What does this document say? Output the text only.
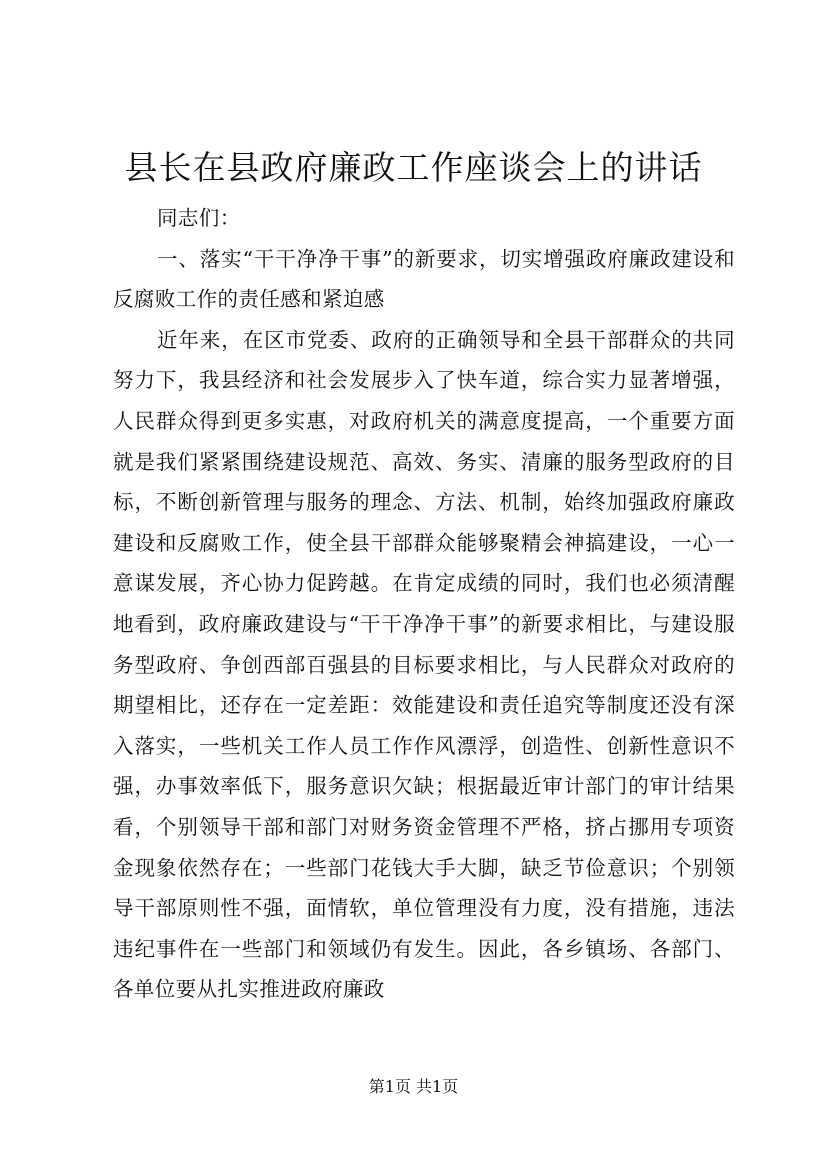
县长在县政府廉政工作座谈会上的讲话

同志们：

一、落实“干干净净干事”的新要求，切实增强政府廉政建设和反腐败工作的责任感和紧迫感

近年来，在区市党委、政府的正确领导和全县干部群众的共同努力下，我县经济和社会发展步入了快车道，综合实力显著增强，人民群众得到更多实惠，对政府机关的满意度提高，一个重要方面就是我们紧紧围绕建设规范、高效、务实、清廉的服务型政府的目标，不断创新管理与服务的理念、方法、机制，始终加强政府廉政建设和反腐败工作，使全县干部群众能够聚精会神搞建设，一心一意谋发展，齐心协力促跨越。在肯定成绩的同时，我们也必须清醒地看到，政府廉政建设与“干干净净干事”的新要求相比，与建设服务型政府、争创西部百强县的目标要求相比，与人民群众对政府的期望相比，还存在一定差距：效能建设和责任追究等制度还没有深入落实，一些机关工作人员工作作风漂浮，创造性、创新性意识不强，办事效率低下，服务意识欠缺；根据最近审计部门的审计结果看，个别领导干部和部门对财务资金管理不严格，挤占挪用专项资金现象依然存在；一些部门花钱大手大脚，缺乏节俭意识；个别领导干部原则性不强，面情软，单位管理没有力度，没有措施，违法违纪事件在一些部门和领域仍有发生。因此，各乡镇场、各部门、各单位要从扎实推进政府廉政

第1页 共1页
